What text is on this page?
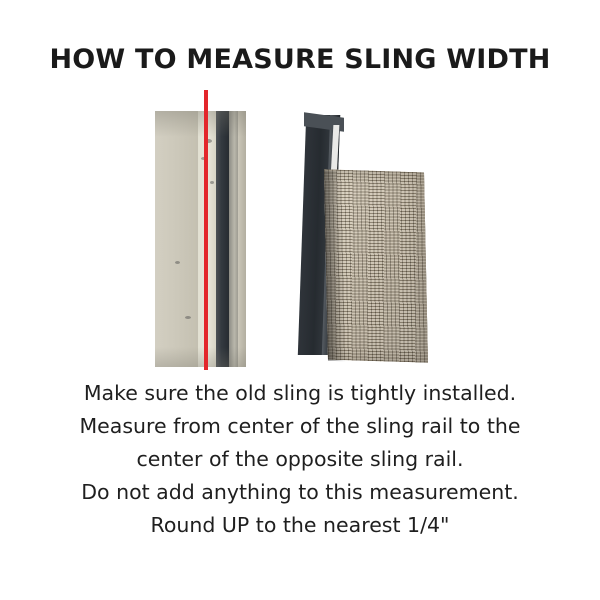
HOW TO MEASURE SLING WIDTH
Make sure the old sling is tightly installed.
Measure from center of the sling rail to the
center of the opposite sling rail.
Do not add anything to this measurement.
Round UP to the nearest 1/4"
